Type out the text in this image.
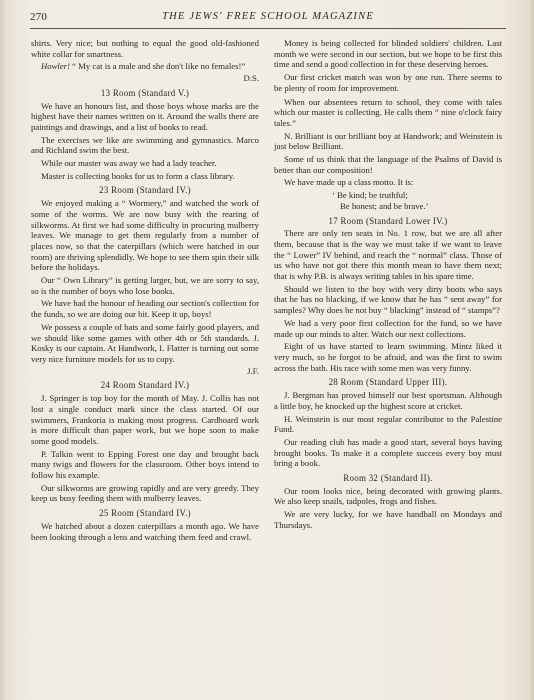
270	THE JEWS' FREE SCHOOL MAGAZINE

shirts. Very nice; but nothing to equal the good old-fashioned white collar for smartness.

Howler! “ My cat is a male and she don't like no females!”

D.S.

13 Room (Standard V.)

We have an honours list, and those boys whose marks are the highest have their names written on it. Around the walls there are paintings and drawings, and a list of books to read.

The exercises we like are swimming and gymnastics. Marco and Richland swim the best.

While our master was away we had a lady teacher.

Master is collecting books for us to form a class library.

23 Room (Standard IV.)

We enjoyed making a “ Wormery,” and watched the work of some of the worms. We are now busy with the rearing of silkworms. At first we had some difficulty in procuring mulberry leaves. We manage to get them regularly from a number of places now, so that the caterpillars (which were hatched in our room) are thriving splendidly. We hope to see them spin their silk before the holidays.

Our “ Own Library” is getting larger, but, we are sorry to say, so is the number of boys who lose books.

We have had the honour of heading our section's collection for the funds, so we are doing our bit. Keep it up, boys!

We possess a couple of bats and some fairly good players, and we should like some games with other 4th or 5th standards. J. Kosky is our captain. At Handwork, I. Flatter is turning out some very nice furniture models for us to copy.

J.F.

24 Room Standard IV.)

J. Springer is top boy for the month of May. J. Collis has not lost a single conduct mark since the class started. Of our swimmers, Frankoria is making most progress. Cardboard work is more difficult than paper work, but we hope soon to make some good models.

P. Talkin went to Epping Forest one day and brought back many twigs and flowers for the classroom. Other boys intend to follow his example.

Our silkworms are growing rapidly and are very greedy. They keep us busy feeding them with mulberry leaves.

25 Room (Standard IV.)

We hatched about a dozen caterpillars a month ago. We have been looking through a lens and watching them feed and crawl.

Money is being collected for blinded soldiers' children. Last month we were second in our section, but we hope to be first this time and send a good collection in for these deserving heroes.

Our first cricket match was won by one run. There seems to be plenty of room for improvement.

When our absentees return to school, they come with tales which our master is collecting. He calls them “ nine o'clock fairy tales.”

N. Brilliant is our brilliant boy at Handwork; and Weinstein is just below Brilliant.

Some of us think that the language of the Psalms of David is better than our composition!

We have made up a class motto. It is:

‘ Be kind; be truthful;
Be honest; and be brave.’

17 Room (Standard Lower IV.)

There are only ten seats in No. 1 row, but we are all after them, because that is the way we must take if we want to leave the “ Lower” IV behind, and reach the “ normal” class. Those of us who have not got there this month mean to have them next; that is why P.B. is always writing tables in his spare time.

Should we listen to the boy with very dirty boots who says that he has no blacking, if we know that he has “ sent away” for samples? Why does he not buy “ blacking” instead of “ stamps”?

We had a very poor first collection for the fund, so we have made up our minds to alter. Watch our next collections.

Eight of us have started to learn swimming. Mintz liked it very much, so he forgot to be afraid, and was the first to swim across the bath. His race with some men was very funny.

28 Room (Standard Upper III).

J. Bergman has proved himself our best sportsman. Although a little boy, he knocked up the highest score at cricket.

H. Weinstein is our most regular contributor to the Palestine Fund.

Our reading club has made a good start, several boys having brought books. To make it a complete success every boy must bring a book.

Room 32 (Standard II).

Our room looks nice, being decorated with growing plants. We also keep snails, tadpoles, frogs and fishes.

We are very lucky, for we have handball on Mondays and Thursdays.
